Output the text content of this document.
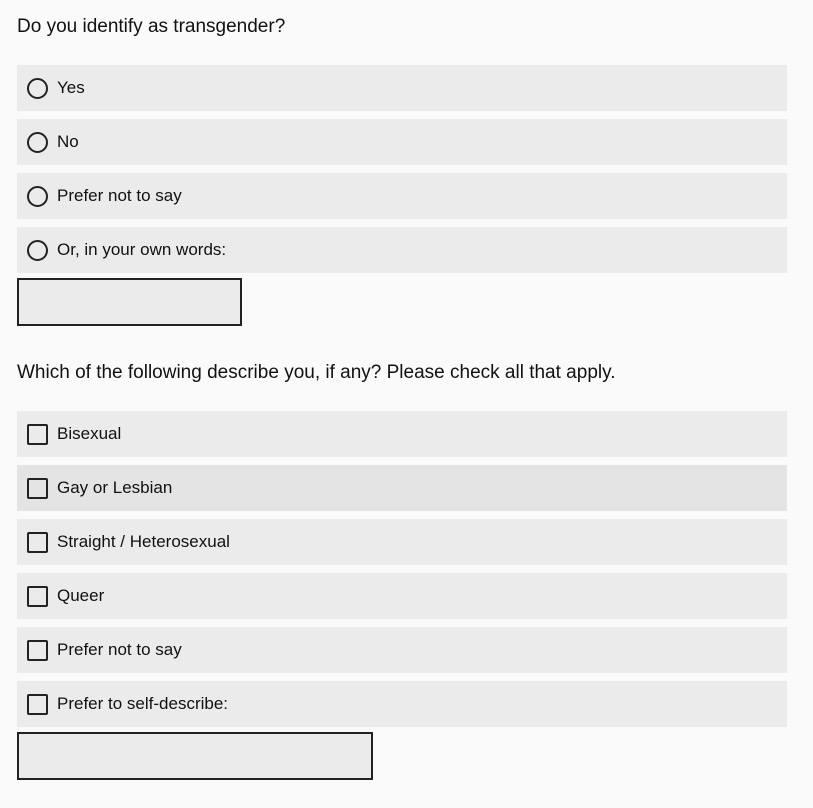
Do you identify as transgender?
Yes
No
Prefer not to say
Or, in your own words:
Which of the following describe you, if any? Please check all that apply.
Bisexual
Gay or Lesbian
Straight / Heterosexual
Queer
Prefer not to say
Prefer to self-describe:
